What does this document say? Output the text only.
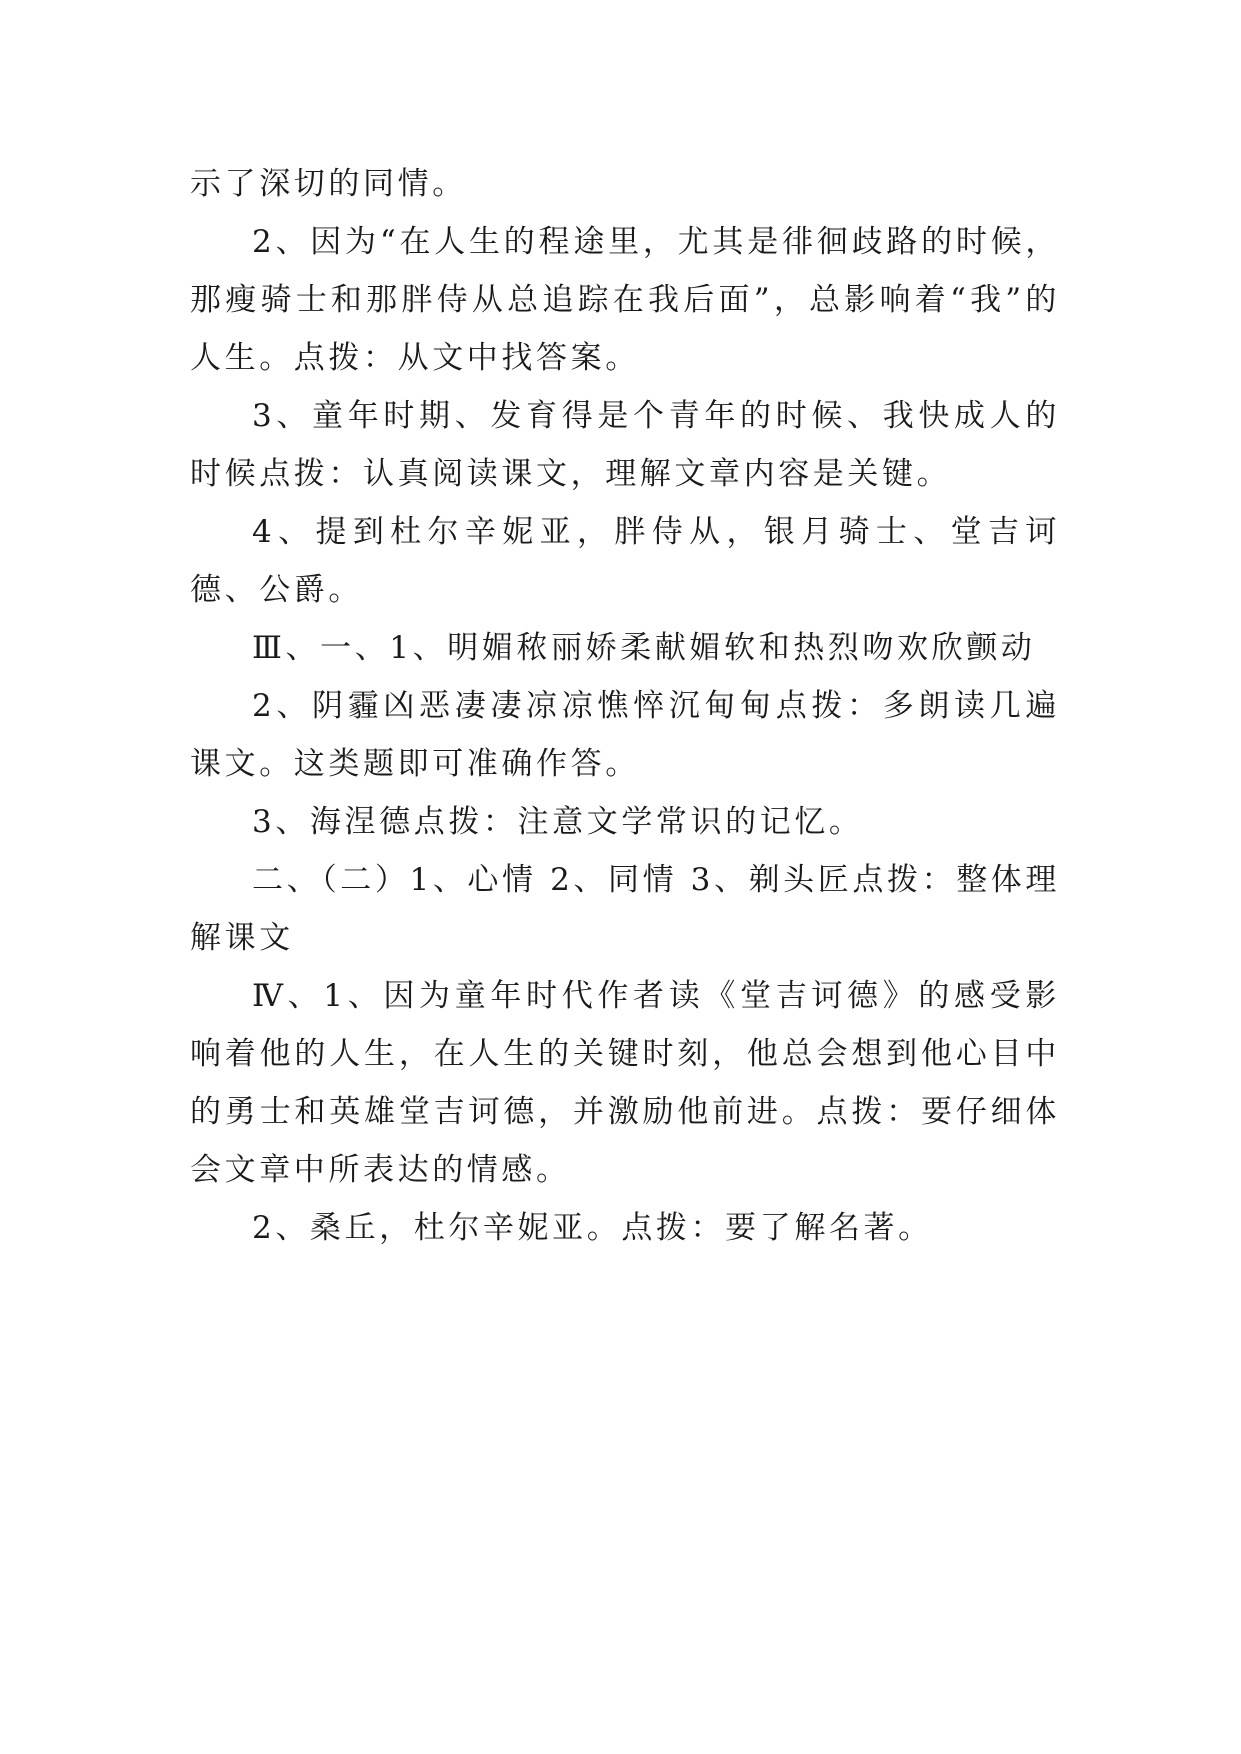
示了深切的同情。

2、因为“在人生的程途里，尤其是徘徊歧路的时候，那瘦骑士和那胖侍从总追踪在我后面”，总影响着“我”的人生。点拨：从文中找答案。

3、童年时期、发育得是个青年的时候、我快成人的时候点拨：认真阅读课文，理解文章内容是关键。

4、提到杜尔辛妮亚，胖侍从，银月骑士、堂吉诃德、公爵。

Ⅲ、一、1、明媚秾丽娇柔献媚软和热烈吻欢欣颤动

2、阴霾凶恶凄凄凉凉憔悴沉甸甸点拨：多朗读几遍课文。这类题即可准确作答。

3、海涅德点拨：注意文学常识的记忆。

二、（二）1、心情 2、同情 3、剃头匠点拨：整体理解课文

Ⅳ、1、因为童年时代作者读《堂吉诃德》的感受影响着他的人生，在人生的关键时刻，他总会想到他心目中的勇士和英雄堂吉诃德，并激励他前进。点拨：要仔细体会文章中所表达的情感。

2、桑丘，杜尔辛妮亚。点拨：要了解名著。
